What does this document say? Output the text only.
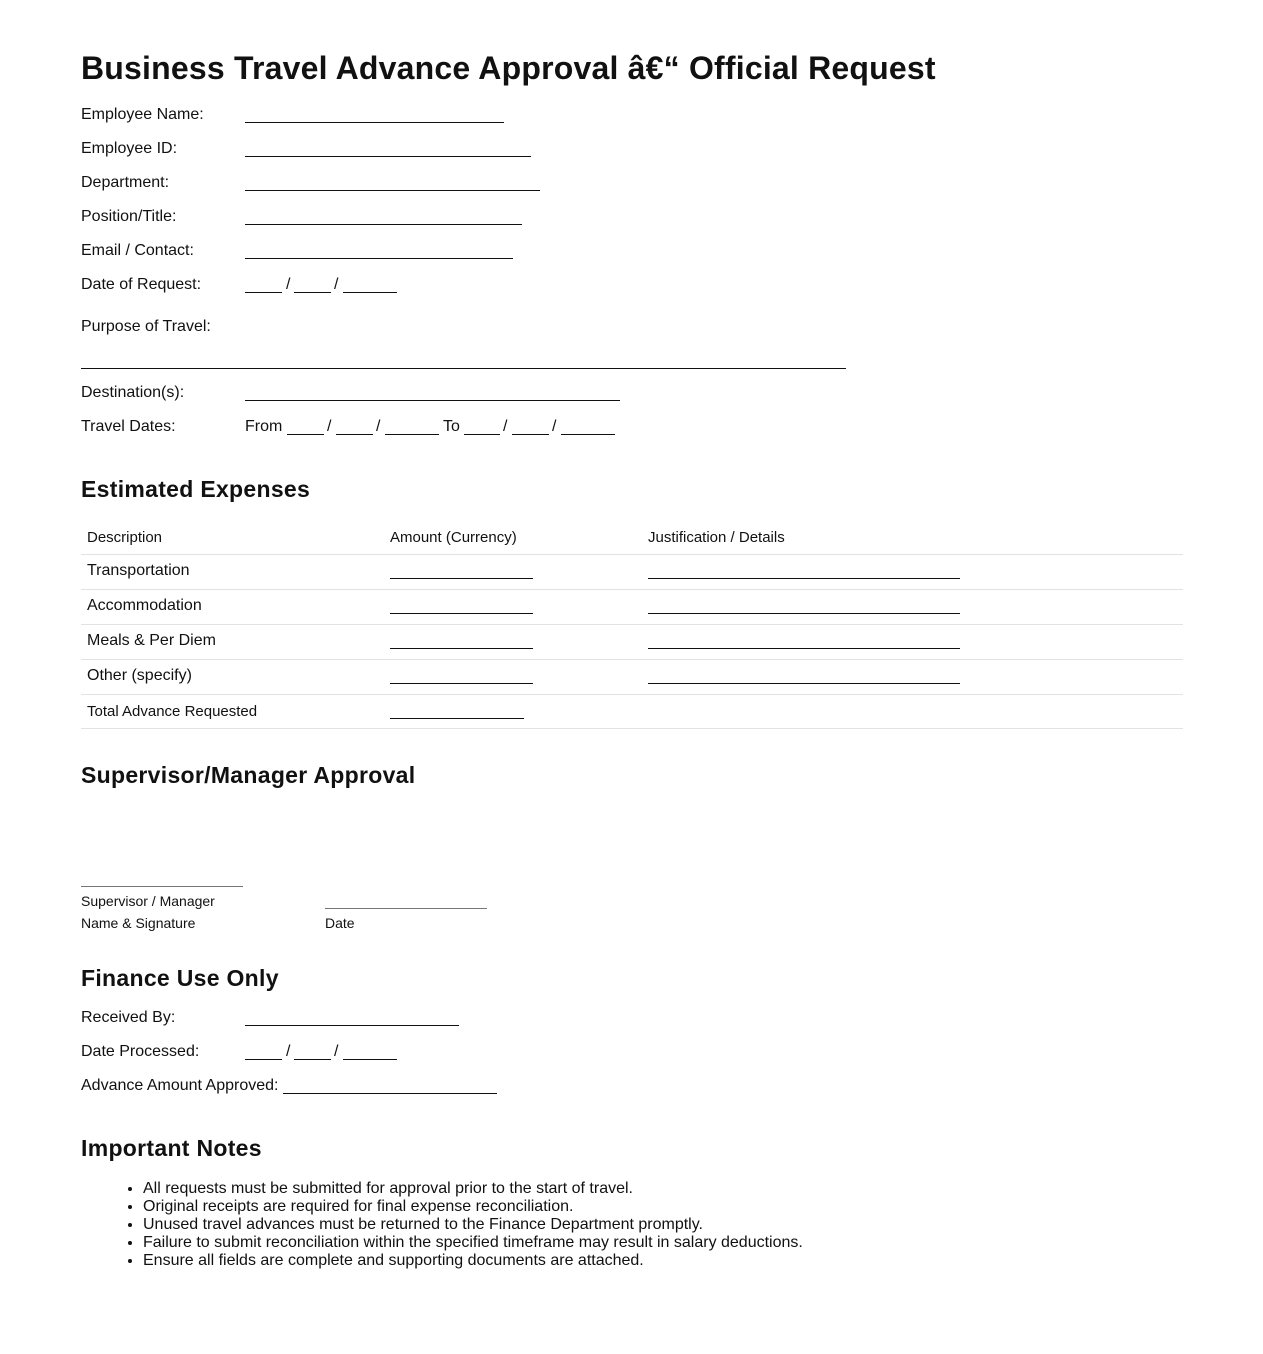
Business Travel Advance Approval â€“ Official Request
Employee Name:
Employee ID:
Department:
Position/Title:
Email / Contact:
Date of Request:	/	/
Purpose of Travel:
Destination(s):
Travel Dates:	From	/	/	To	/	/
Estimated Expenses
Description	Amount (Currency)	Justification / Details
Transportation
Accommodation
Meals & Per Diem
Other (specify)
Total Advance Requested
Supervisor/Manager Approval
Supervisor / Manager
Name & Signature	Date
Finance Use Only
Received By:
Date Processed:	/	/
Advance Amount Approved:
Important Notes
• All requests must be submitted for approval prior to the start of travel.
• Original receipts are required for final expense reconciliation.
• Unused travel advances must be returned to the Finance Department promptly.
• Failure to submit reconciliation within the specified timeframe may result in salary deductions.
• Ensure all fields are complete and supporting documents are attached.
